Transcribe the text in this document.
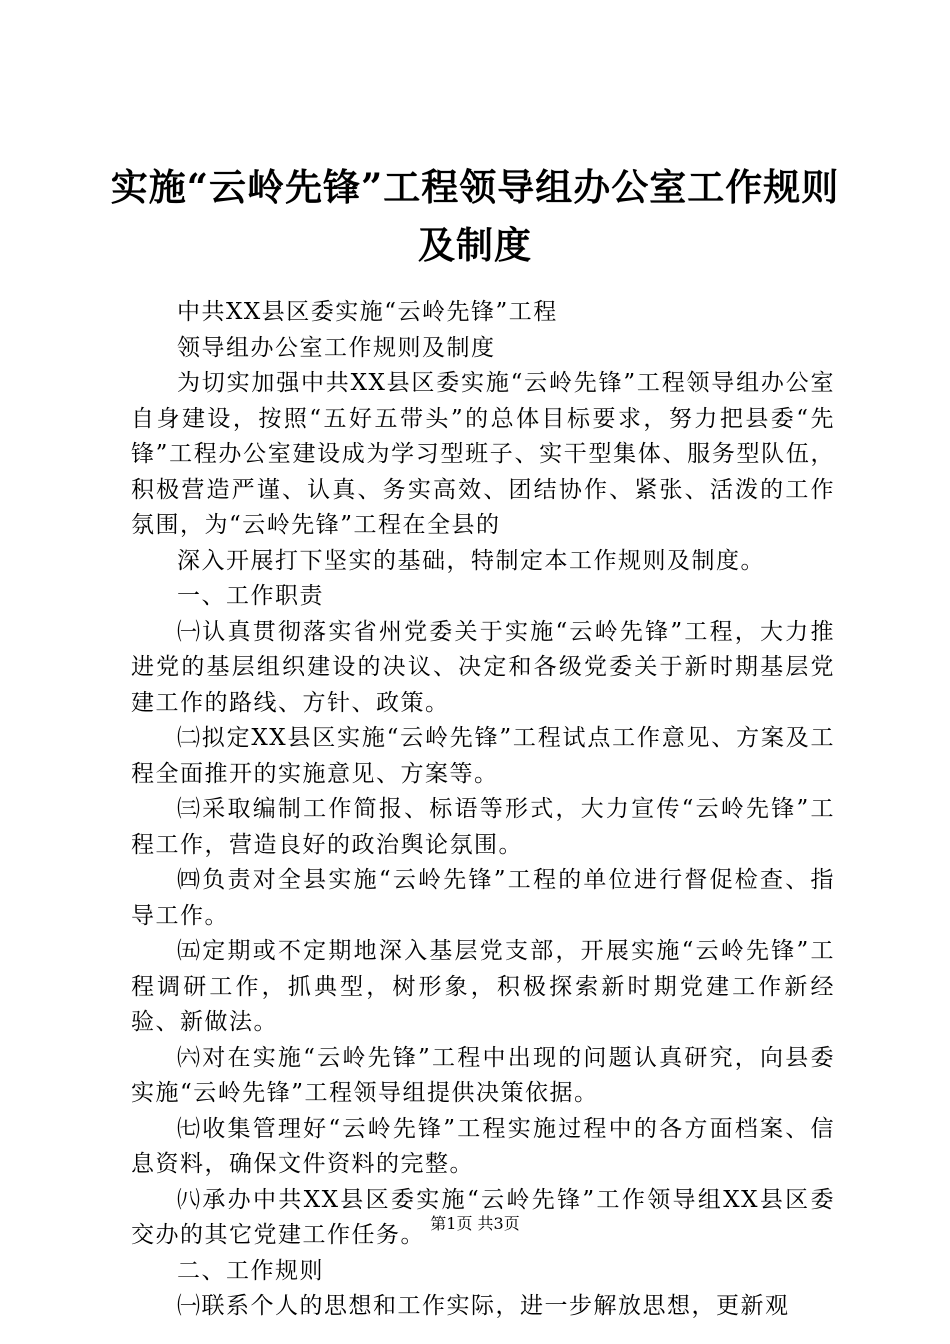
实施“云岭先锋”工程领导组办公室工作规则
及制度

中共XX县区委实施“云岭先锋”工程

领导组办公室工作规则及制度

为切实加强中共XX县区委实施“云岭先锋”工程领导组办公室自身建设，按照“五好五带头”的总体目标要求，努力把县委“先锋”工程办公室建设成为学习型班子、实干型集体、服务型队伍，积极营造严谨、认真、务实高效、团结协作、紧张、活泼的工作氛围，为“云岭先锋”工程在全县的

深入开展打下坚实的基础，特制定本工作规则及制度。

一、工作职责

㈠认真贯彻落实省州党委关于实施“云岭先锋”工程，大力推进党的基层组织建设的决议、决定和各级党委关于新时期基层党建工作的路线、方针、政策。

㈡拟定XX县区实施“云岭先锋”工程试点工作意见、方案及工程全面推开的实施意见、方案等。

㈢采取编制工作简报、标语等形式，大力宣传“云岭先锋”工程工作，营造良好的政治舆论氛围。

㈣负责对全县实施“云岭先锋”工程的单位进行督促检查、指导工作。

㈤定期或不定期地深入基层党支部，开展实施“云岭先锋”工程调研工作，抓典型，树形象，积极探索新时期党建工作新经验、新做法。

㈥对在实施“云岭先锋”工程中出现的问题认真研究，向县委实施“云岭先锋”工程领导组提供决策依据。

㈦收集管理好“云岭先锋”工程实施过程中的各方面档案、信息资料，确保文件资料的完整。

㈧承办中共XX县区委实施“云岭先锋”工作领导组XX县区委交办的其它党建工作任务。

二、工作规则

㈠联系个人的思想和工作实际，进一步解放思想，更新观

第1页 共3页
